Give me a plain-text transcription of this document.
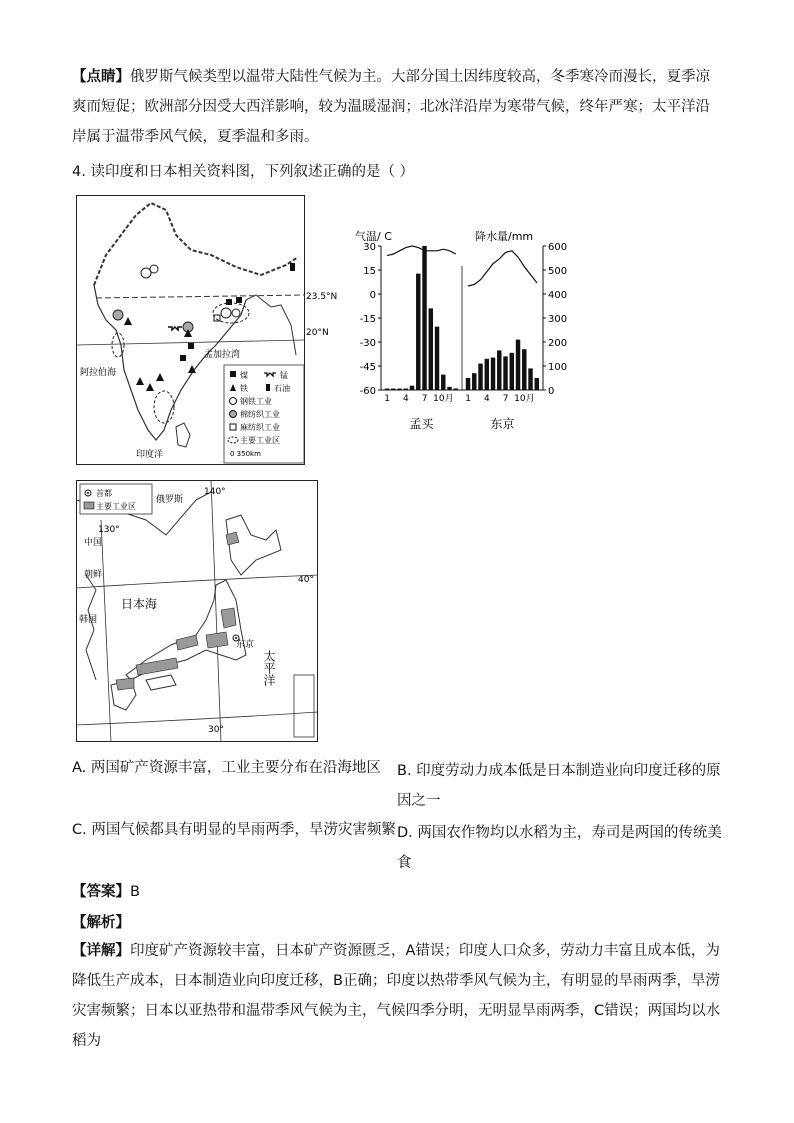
【点睛】俄罗斯气候类型以温带大陆性气候为主。大部分国土因纬度较高，冬季寒冷而漫长，夏季凉爽而短促；欧洲部分因受大西洋影响，较为温暖湿润；北冰洋沿岸为寒带气候，终年严寒；太平洋沿岸属于温带季风气候，夏季温和多雨。
4. 读印度和日本相关资料图，下列叙述正确的是（ ）
23.5°N
20°N
孟加拉湾
阿拉伯海
印度洋
煤	锰
铁	石油
钢铁工业
棉纺织工业
麻纺织工业
主要工业区
0 350km
气温/ C	降水量/mm
30
15
0
-15
-30
-45
-60
600
500
400
300
200
100
0
1 4 7 10月
孟买
1 4 7 10月
东京
首都
主要工业区
俄罗斯
中国
朝鲜
韩国
日本海
东京
140°
130°
40°
30°
太平洋
A. 两国矿产资源丰富，工业主要分布在沿海地区 B. 印度劳动力成本低是日本制造业向印度迁移的原因之一
C. 两国气候都具有明显的旱雨两季，旱涝灾害频繁 D. 两国农作物均以水稻为主，寿司是两国的传统美食
【答案】B
【解析】
【详解】印度矿产资源较丰富，日本矿产资源匮乏，A错误；印度人口众多，劳动力丰富且成本低，为降低生产成本，日本制造业向印度迁移，B正确；印度以热带季风气候为主，有明显的旱雨两季，旱涝灾害频繁；日本以亚热带和温带季风气候为主，气候四季分明，无明显旱雨两季，C错误；两国均以水稻为
